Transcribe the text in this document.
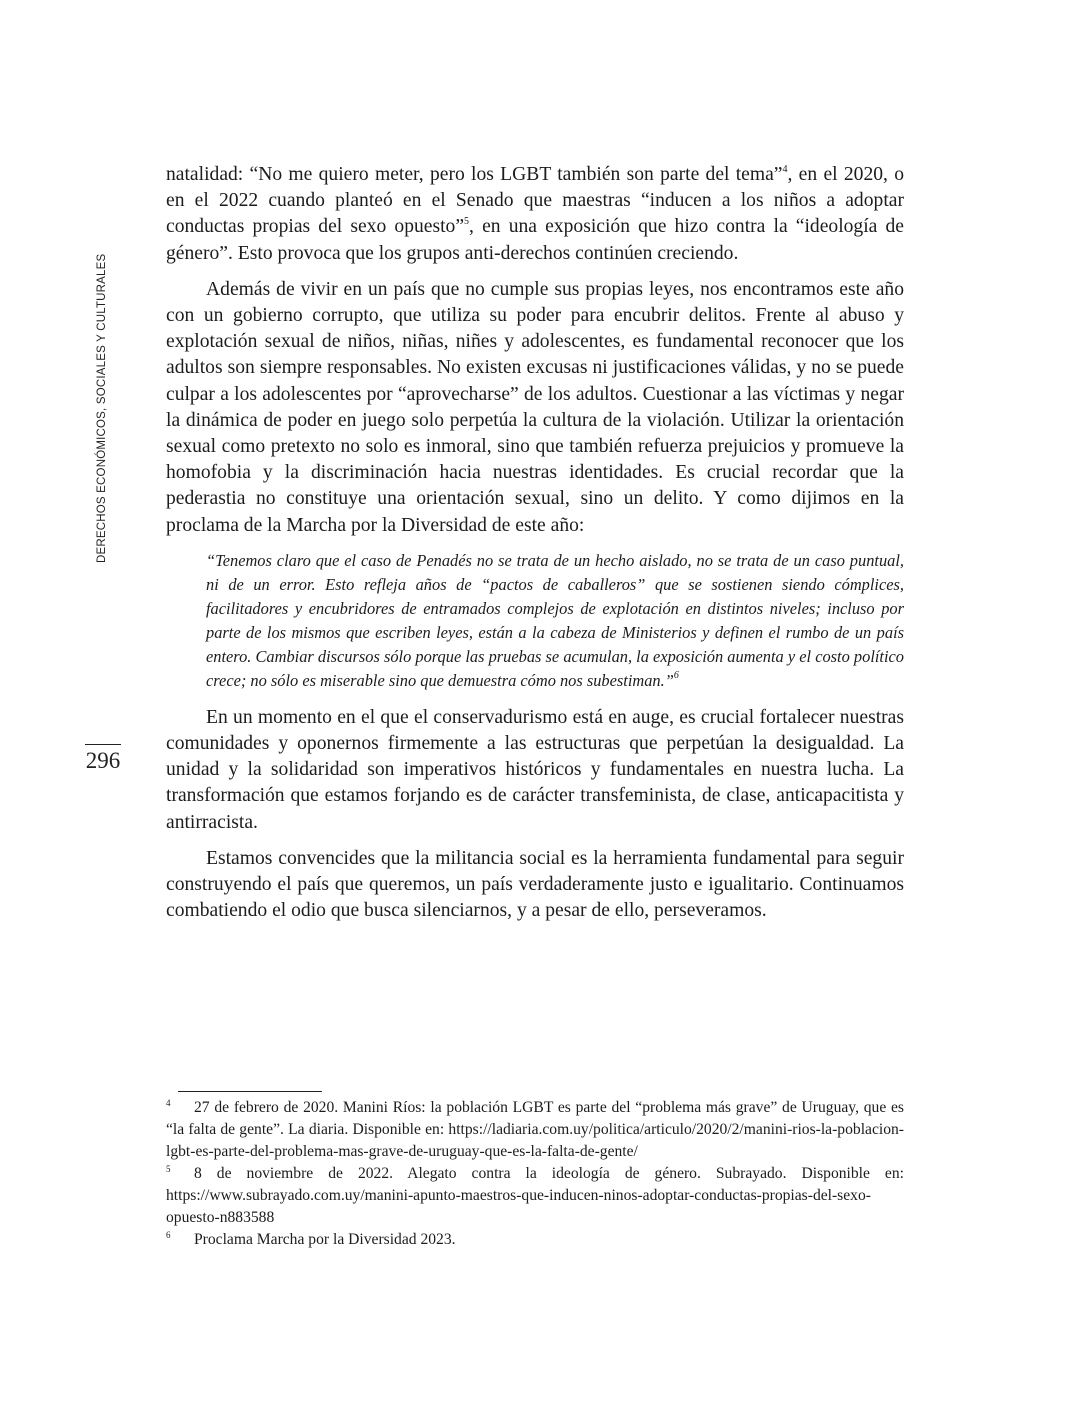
DERECHOS ECONÓMICOS, SOCIALES Y CULTURALES
296

natalidad: “No me quiero meter, pero los LGBT también son parte del tema”$^4$, en el 2020, o en el 2022 cuando planteó en el Senado que maestras “inducen a los niños a adoptar conductas propias del sexo opuesto”$^5$, en una exposición que hizo contra la “ideología de género”. Esto provoca que los grupos anti-derechos continúen creciendo.

Además de vivir en un país que no cumple sus propias leyes, nos encontramos este año con un gobierno corrupto, que utiliza su poder para encubrir delitos. Frente al abuso y explotación sexual de niños, niñas, niñes y adolescentes, es fundamental reconocer que los adultos son siempre responsables. No existen excusas ni justificaciones válidas, y no se puede culpar a los adolescentes por “aprovecharse” de los adultos. Cuestionar a las víctimas y negar la dinámica de poder en juego solo perpetúa la cultura de la violación. Utilizar la orientación sexual como pretexto no solo es inmoral, sino que también refuerza prejuicios y promueve la homofobia y la discriminación hacia nuestras identidades. Es crucial recordar que la pederastia no constituye una orientación sexual, sino un delito. Y como dijimos en la proclama de la Marcha por la Diversidad de este año:

“Tenemos claro que el caso de Penadés no se trata de un hecho aislado, no se trata de un caso puntual, ni de un error. Esto refleja años de “pactos de caballeros” que se sostienen siendo cómplices, facilitadores y encubridores de entramados complejos de explotación en distintos niveles; incluso por parte de los mismos que escriben leyes, están a la cabeza de Ministerios y definen el rumbo de un país entero. Cambiar discursos sólo porque las pruebas se acumulan, la exposición aumenta y el costo político crece; no sólo es miserable sino que demuestra cómo nos subestiman.”$^6$

En un momento en el que el conservadurismo está en auge, es crucial fortalecer nuestras comunidades y oponernos firmemente a las estructuras que perpetúan la desigualdad. La unidad y la solidaridad son imperativos históricos y fundamentales en nuestra lucha. La transformación que estamos forjando es de carácter transfeminista, de clase, anticapacitista y antirracista.

Estamos convencides que la militancia social es la herramienta fundamental para seguir construyendo el país que queremos, un país verdaderamente justo e igualitario. Continuamos combatiendo el odio que busca silenciarnos, y a pesar de ello, perseveramos.

4 27 de febrero de 2020. Manini Ríos: la población LGBT es parte del “problema más grave” de Uruguay, que es “la falta de gente”. La diaria. Disponible en: https://ladiaria.com.uy/politica/articulo/2020/2/manini-rios-la-poblacion-lgbt-es-parte-del-problema-mas-grave-de-uruguay-que-es-la-falta-de-gente/

5 8 de noviembre de 2022. Alegato contra la ideología de género. Subrayado. Disponible en: https://www.subrayado.com.uy/manini-apunto-maestros-que-inducen-ninos-adoptar-conductas-propias-del-sexo-opuesto-n883588

6 Proclama Marcha por la Diversidad 2023.
